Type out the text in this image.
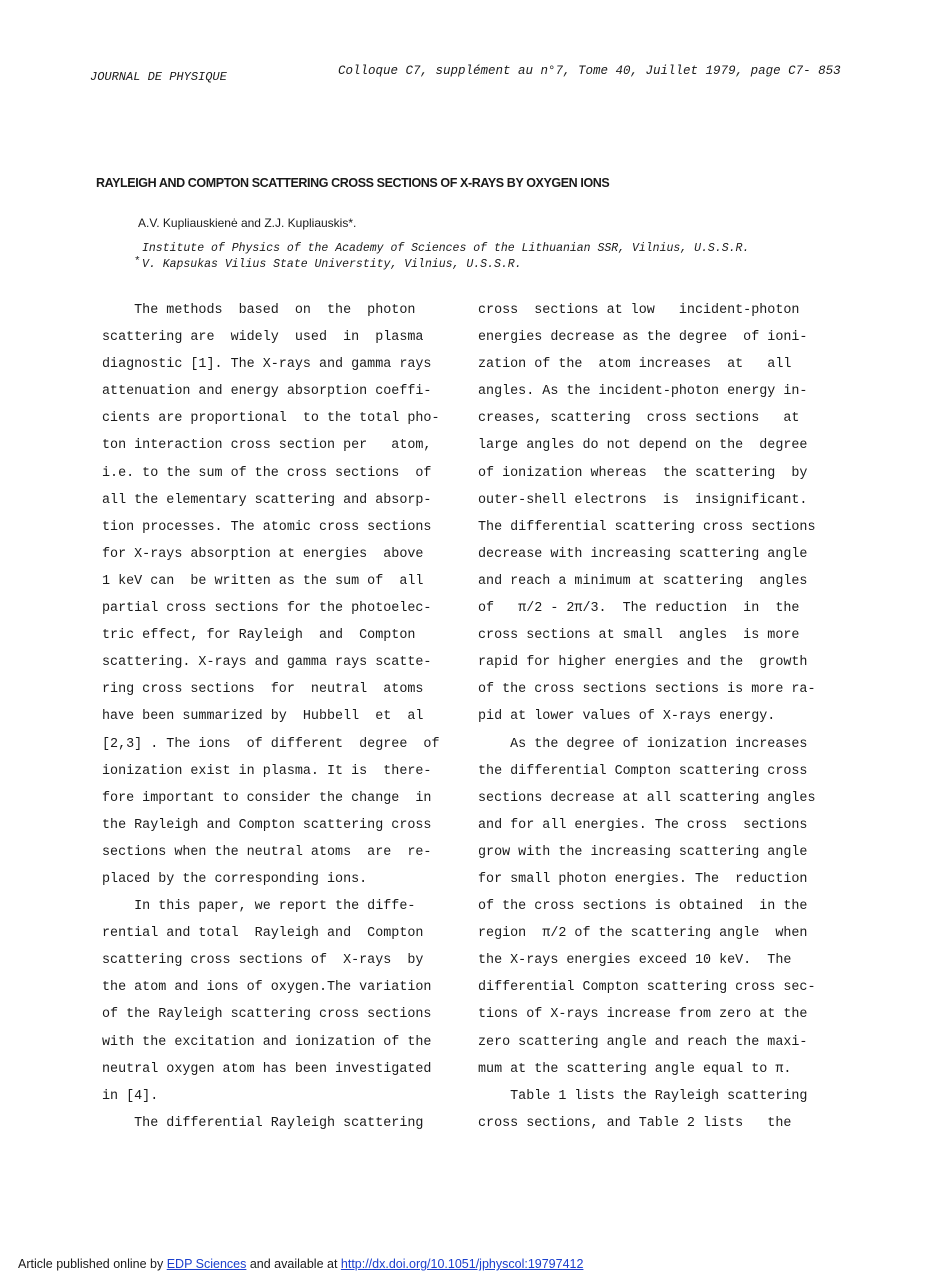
JOURNAL DE PHYSIQUE	Colloque C7, supplément au n°7, Tome 40, Juillet 1979, page C7- 853
RAYLEIGH AND COMPTON SCATTERING CROSS SECTIONS OF X-RAYS BY OXYGEN IONS
A.V. Kupliauskienė and Z.J. Kupliauskis*.
Institute of Physics of the Academy of Sciences of the Lithuanian SSR, Vilnius, U.S.S.R.
* V. Kapsukas Vilius State Universtity, Vilnius, U.S.S.R.
The methods  based  on  the  photon
scattering are  widely  used  in  plasma
diagnostic [1]. The X-rays and gamma rays
attenuation and energy absorption coeffi-
cients are proportional  to the total pho-
ton interaction cross section per   atom,
i.e. to the sum of the cross sections  of
all the elementary scattering and absorp-
tion processes. The atomic cross sections
for X-rays absorption at energies  above
1 keV can  be written as the sum of  all
partial cross sections for the photoelec-
tric effect, for Rayleigh  and  Compton
scattering. X-rays and gamma rays scatte-
ring cross sections  for  neutral  atoms
have been summarized by  Hubbell  et  al
[2,3] . The ions  of different  degree  of
ionization exist in plasma. It is  there-
fore important to consider the change  in
the Rayleigh and Compton scattering cross
sections when the neutral atoms  are  re-
placed by the corresponding ions.
In this paper, we report the diffe-
rential and total  Rayleigh and  Compton
scattering cross sections of  X-rays  by
the atom and ions of oxygen.The variation
of the Rayleigh scattering cross sections
with the excitation and ionization of the
neutral oxygen atom has been investigated
in [4].
The differential Rayleigh scattering
cross  sections at low   incident-photon
energies decrease as the degree  of ioni-
zation of the  atom increases  at   all
angles. As the incident-photon energy in-
creases, scattering  cross sections   at
large angles do not depend on the  degree
of ionization whereas  the scattering  by
outer-shell electrons  is  insignificant.
The differential scattering cross sections
decrease with increasing scattering angle
and reach a minimum at scattering  angles
of   π/2 - 2π/3.  The reduction  in  the
cross sections at small  angles  is more
rapid for higher energies and the  growth
of the cross sections sections is more ra-
pid at lower values of X-rays energy.
As the degree of ionization increases
the differential Compton scattering cross
sections decrease at all scattering angles
and for all energies. The cross  sections
grow with the increasing scattering angle
for small photon energies. The  reduction
of the cross sections is obtained  in the
region  π/2 of the scattering angle  when
the X-rays energies exceed 10 keV.  The
differential Compton scattering cross sec-
tions of X-rays increase from zero at the
zero scattering angle and reach the maxi-
mum at the scattering angle equal to π.
Table 1 lists the Rayleigh scattering
cross sections, and Table 2 lists   the
Article published online by EDP Sciences and available at http://dx.doi.org/10.1051/jphyscol:19797412
